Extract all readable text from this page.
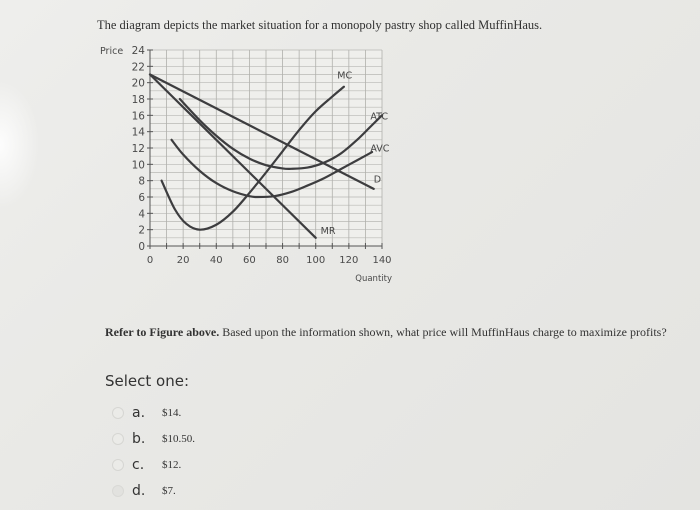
The diagram depicts the market situation for a monopoly pastry shop called MuffinHaus.
0
2
4
6
8
10
12
14
16
18
20
22
24
Price
0 20 40 60 80 100 120 140
Quantity
MC
ATC
AVC
D
MR
Refer to Figure above. Based upon the information shown, what price will MuffinHaus charge to maximize profits?
Select one:
a.	$14.
b.	$10.50.
c.	$12.
d.	$7.
